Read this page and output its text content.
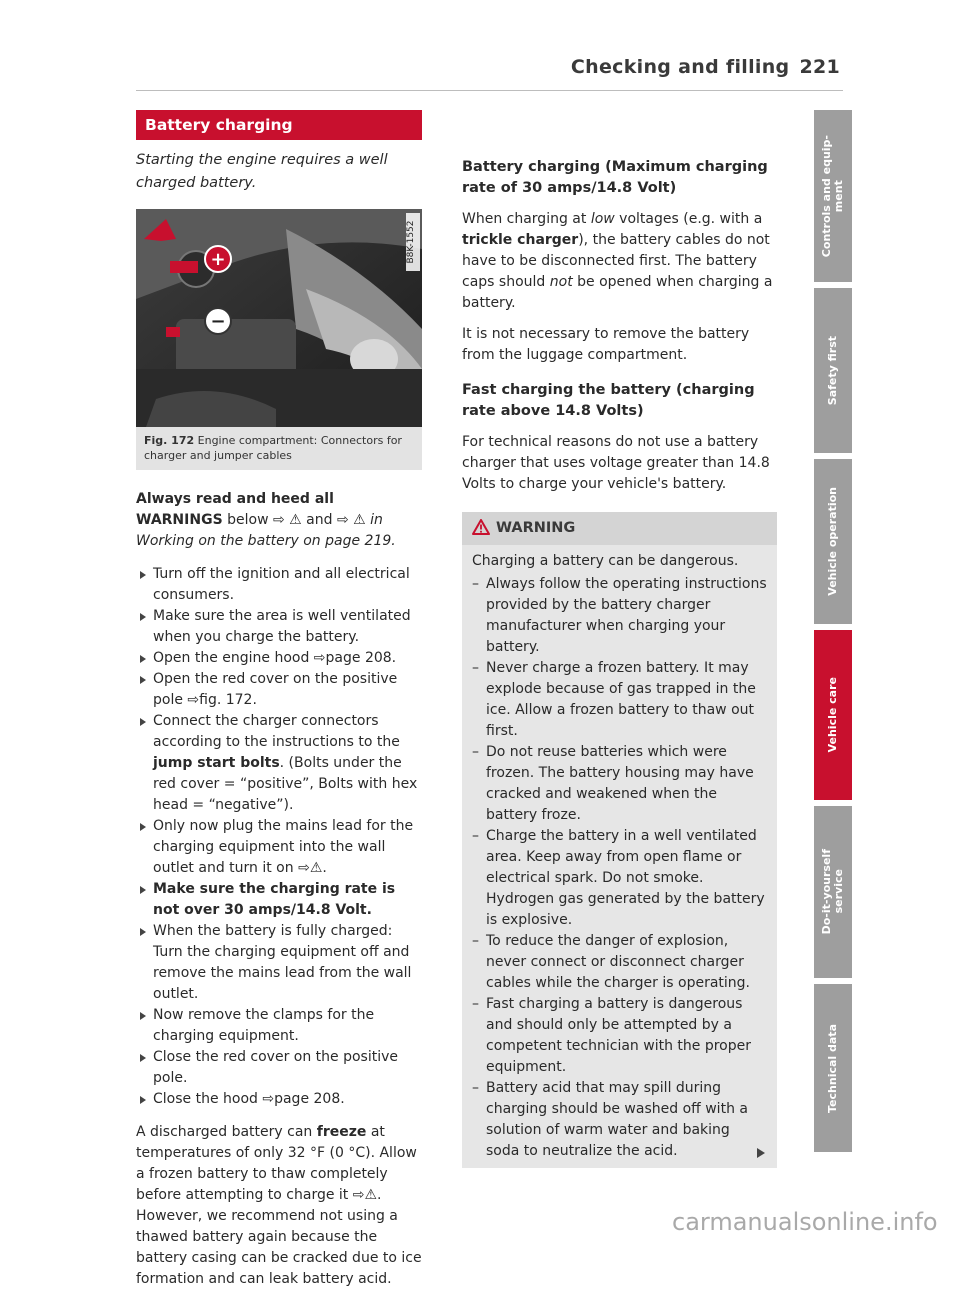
Checking and filling 221
Battery charging

Starting the engine requires a well charged battery.

+
−
B8K-1552
Fig. 172 Engine compartment: Connectors for charger and jumper cables

Always read and heed all WARNINGS below ⇨ ⚠ and ⇨ ⚠ in Working on the battery on page 219.

Turn off the ignition and all electrical consumers.
Make sure the area is well ventilated when you charge the battery.
Open the engine hood ⇨page 208.
Open the red cover on the positive pole ⇨fig. 172.
Connect the charger connectors according to the instructions to the jump start bolts. (Bolts under the red cover = “positive”, Bolts with hex head = “negative”).
Only now plug the mains lead for the charging equipment into the wall outlet and turn it on ⇨⚠.
Make sure the charging rate is not over 30 amps/14.8 Volt.
When the battery is fully charged: Turn the charging equipment off and remove the mains lead from the wall outlet.
Now remove the clamps for the charging equipment.
Close the red cover on the positive pole.
Close the hood ⇨page 208.

A discharged battery can freeze at temperatures of only 32 °F (0 °C). Allow a frozen battery to thaw completely before attempting to charge it ⇨⚠. However, we recommend not using a thawed battery again because the battery casing can be cracked due to ice formation and can leak battery acid.

Battery charging (Maximum charging rate of 30 amps/14.8 Volt)

When charging at low voltages (e.g. with a trickle charger), the battery cables do not have to be disconnected first. The battery caps should not be opened when charging a battery.

It is not necessary to remove the battery from the luggage compartment.

Fast charging the battery (charging rate above 14.8 Volts)

For technical reasons do not use a battery charger that uses voltage greater than 14.8 Volts to charge your vehicle's battery.

WARNING

Charging a battery can be dangerous.

– Always follow the operating instructions provided by the battery charger manufacturer when charging your battery.
– Never charge a frozen battery. It may explode because of gas trapped in the ice. Allow a frozen battery to thaw out first.
– Do not reuse batteries which were frozen. The battery housing may have cracked and weakened when the battery froze.
– Charge the battery in a well ventilated area. Keep away from open flame or electrical spark. Do not smoke. Hydrogen gas generated by the battery is explosive.
– To reduce the danger of explosion, never connect or disconnect charger cables while the charger is operating.
– Fast charging a battery is dangerous and should only be attempted by a competent technician with the proper equipment.
– Battery acid that may spill during charging should be washed off with a solution of warm water and baking soda to neutralize the acid.
Controls and equip-
ment
Safety first
Vehicle operation
Vehicle care
Do-it-yourself
service
Technical data
carmanualsonline.info
